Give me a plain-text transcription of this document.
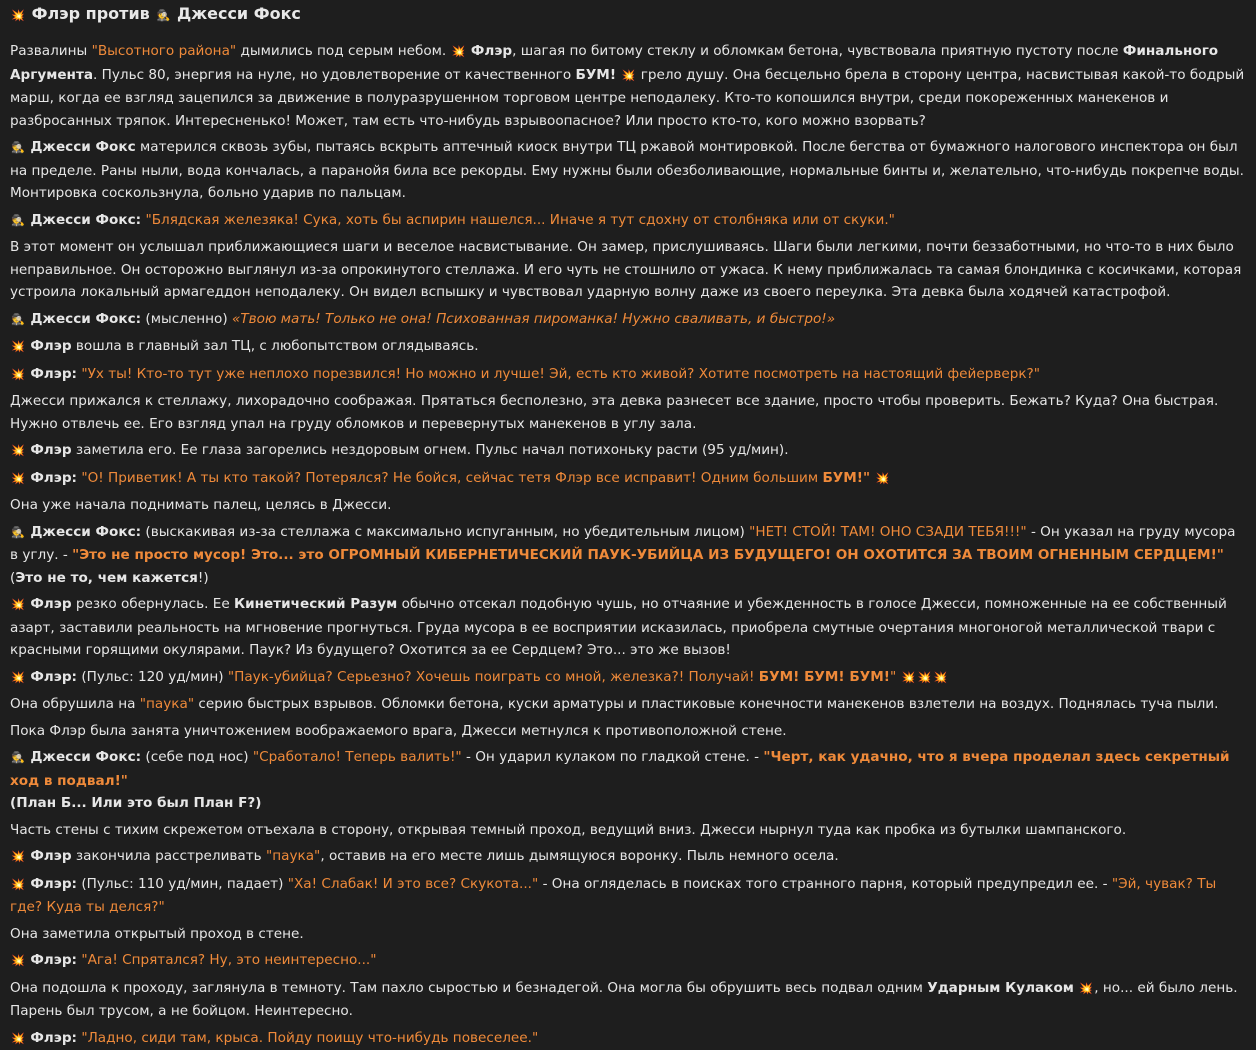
💥 Флэр против 🕵 Джесси Фокс

Развалины "Высотного района" дымились под серым небом. 💥 Флэр, шагая по битому стеклу и обломкам бетона, чувствовала приятную пустоту после Финального Аргумента. Пульс 80, энергия на нуле, но удовлетворение от качественного БУМ! 💥 грело душу. Она бесцельно брела в сторону центра, насвистывая какой-то бодрый марш, когда ее взгляд зацепился за движение в полуразрушенном торговом центре неподалеку. Кто-то копошился внутри, среди покореженных манекенов и разбросанных тряпок. Интересненько! Может, там есть что-нибудь взрывоопасное? Или просто кто-то, кого можно взорвать?

🕵 Джесси Фокс матерился сквозь зубы, пытаясь вскрыть аптечный киоск внутри ТЦ ржавой монтировкой. После бегства от бумажного налогового инспектора он был на пределе. Раны ныли, вода кончалась, а паранойя била все рекорды. Ему нужны были обезболивающие, нормальные бинты и, желательно, что-нибудь покрепче воды. Монтировка соскользнула, больно ударив по пальцам.

🕵 Джесси Фокс: "Блядская железяка! Сука, хоть бы аспирин нашелся... Иначе я тут сдохну от столбняка или от скуки."

В этот момент он услышал приближающиеся шаги и веселое насвистывание. Он замер, прислушиваясь. Шаги были легкими, почти беззаботными, но что-то в них было неправильное. Он осторожно выглянул из-за опрокинутого стеллажа. И его чуть не стошнило от ужаса. К нему приближалась та самая блондинка с косичками, которая устроила локальный армагеддон неподалеку. Он видел вспышку и чувствовал ударную волну даже из своего переулка. Эта девка была ходячей катастрофой.

🕵 Джесси Фокс: (мысленно) «Твою мать! Только не она! Психованная пироманка! Нужно сваливать, и быстро!»

💥 Флэр вошла в главный зал ТЦ, с любопытством оглядываясь.

💥 Флэр: "Ух ты! Кто-то тут уже неплохо порезвился! Но можно и лучше! Эй, есть кто живой? Хотите посмотреть на настоящий фейерверк?"

Джесси прижался к стеллажу, лихорадочно соображая. Прятаться бесполезно, эта девка разнесет все здание, просто чтобы проверить. Бежать? Куда? Она быстрая. Нужно отвлечь ее. Его взгляд упал на груду обломков и перевернутых манекенов в углу зала.

💥 Флэр заметила его. Ее глаза загорелись нездоровым огнем. Пульс начал потихоньку расти (95 уд/мин).

💥 Флэр: "О! Приветик! А ты кто такой? Потерялся? Не бойся, сейчас тетя Флэр все исправит! Одним большим БУМ!" 💥

Она уже начала поднимать палец, целясь в Джесси.

🕵 Джесси Фокс: (выскакивая из-за стеллажа с максимально испуганным, но убедительным лицом) "НЕТ! СТОЙ! ТАМ! ОНО СЗАДИ ТЕБЯ!!!" - Он указал на груду мусора в углу. - "Это не просто мусор! Это... это ОГРОМНЫЙ КИБЕРНЕТИЧЕСКИЙ ПАУК-УБИЙЦА ИЗ БУДУЩЕГО! ОН ОХОТИТСЯ ЗА ТВОИМ ОГНЕННЫМ СЕРДЦЕМ!" (Это не то, чем кажется!)

💥 Флэр резко обернулась. Ее Кинетический Разум обычно отсекал подобную чушь, но отчаяние и убежденность в голосе Джесси, помноженные на ее собственный азарт, заставили реальность на мгновение прогнуться. Груда мусора в ее восприятии исказилась, приобрела смутные очертания многоногой металлической твари с красными горящими окулярами. Паук? Из будущего? Охотится за ее Сердцем? Это... это же вызов!

💥 Флэр: (Пульс: 120 уд/мин) "Паук-убийца? Серьезно? Хочешь поиграть со мной, железка?! Получай! БУМ! БУМ! БУМ!" 💥 💥 💥

Она обрушила на "паука" серию быстрых взрывов. Обломки бетона, куски арматуры и пластиковые конечности манекенов взлетели на воздух. Поднялась туча пыли.

Пока Флэр была занята уничтожением воображаемого врага, Джесси метнулся к противоположной стене.

🕵 Джесси Фокс: (себе под нос) "Сработало! Теперь валить!" - Он ударил кулаком по гладкой стене. - "Черт, как удачно, что я вчера проделал здесь секретный ход в подвал!"
(План Б... Или это был План F?)

Часть стены с тихим скрежетом отъехала в сторону, открывая темный проход, ведущий вниз. Джесси нырнул туда как пробка из бутылки шампанского.

💥 Флэр закончила расстреливать "паука", оставив на его месте лишь дымящуюся воронку. Пыль немного осела.

💥 Флэр: (Пульс: 110 уд/мин, падает) "Ха! Слабак! И это все? Скукота..." - Она огляделась в поисках того странного парня, который предупредил ее. - "Эй, чувак? Ты где? Куда ты делся?"

Она заметила открытый проход в стене.

💥 Флэр: "Ага! Спрятался? Ну, это неинтересно..."

Она подошла к проходу, заглянула в темноту. Там пахло сыростью и безнадегой. Она могла бы обрушить весь подвал одним Ударным Кулаком 💥, но... ей было лень. Парень был трусом, а не бойцом. Неинтересно.

💥 Флэр: "Ладно, сиди там, крыса. Пойду поищу что-нибудь повеселее."
